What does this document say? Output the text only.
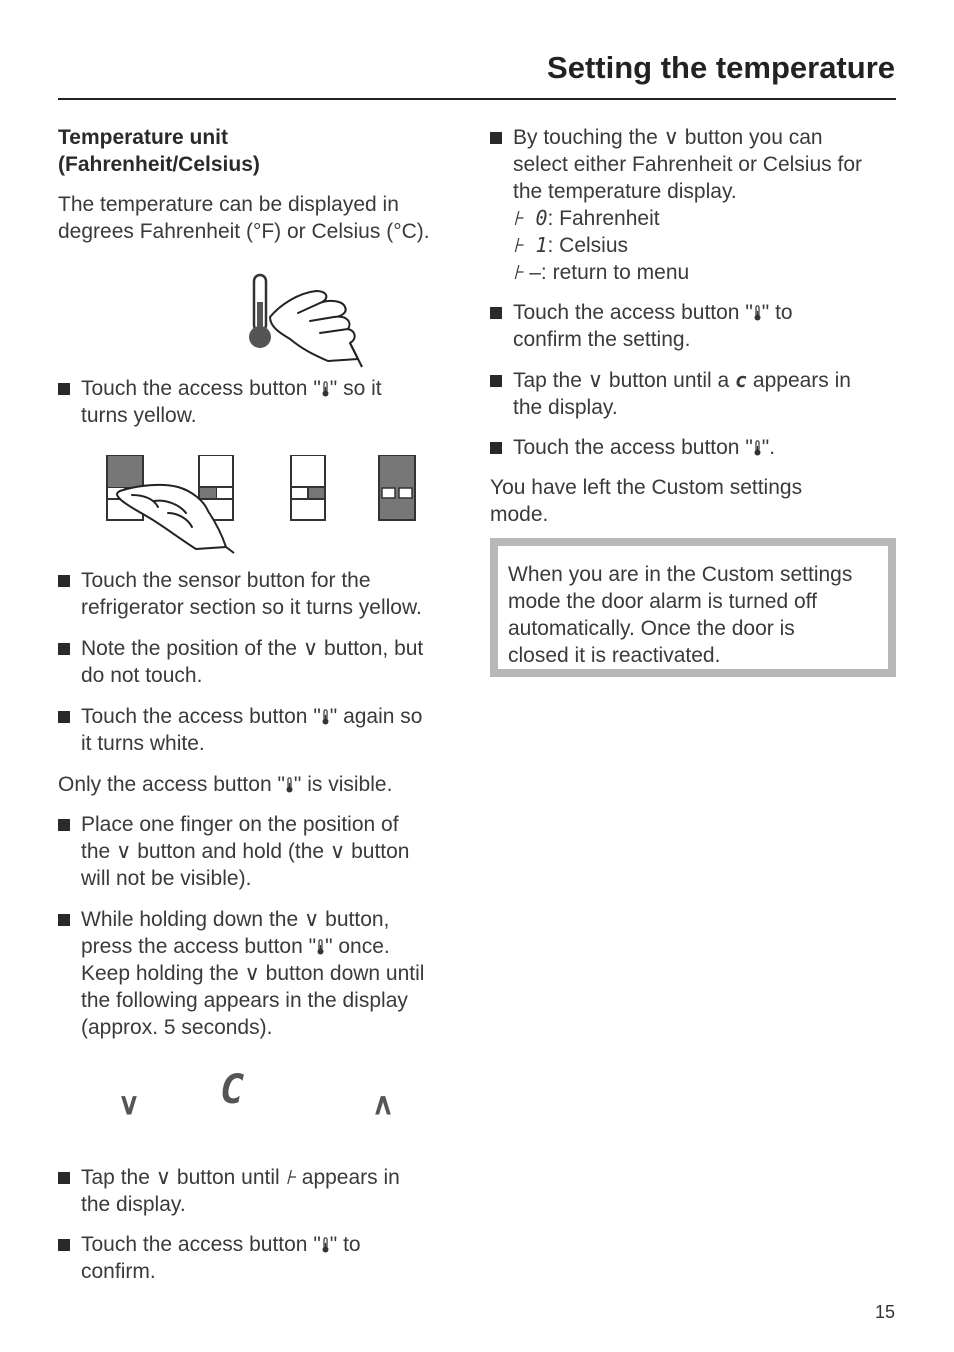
Setting the temperature
Temperature unit
(Fahrenheit/Celsius)

The temperature can be displayed in
degrees Fahrenheit (°F) or Celsius (°C).

Touch the access button " " so it
turns yellow.
Touch the sensor button for the
refrigerator section so it turns yellow.
Note the position of the ∨ button, but
do not touch.
Touch the access button " " again so
it turns white.

Only the access button " " is visible.

Place one finger on the position of
the ∨ button and hold (the ∨ button
will not be visible).
While holding down the ∨ button,
press the access button " " once.
Keep holding the ∨ button down until
the following appears in the display
(approx. 5 seconds).
∨ C	∧
Tap the ∨ button until ⊦ appears in
the display.
Touch the access button " " to
confirm.
By touching the ∨ button you can
select either Fahrenheit or Celsius for
the temperature display.
⊦ 0: Fahrenheit
⊦ 1: Celsius
⊦ –: return to menu
Touch the access button " " to
confirm the setting.
Tap the ∨ button until a c appears in
the display.
Touch the access button " ".

You have left the Custom settings
mode.

When you are in the Custom settings
mode the door alarm is turned off
automatically. Once the door is
closed it is reactivated.
15
